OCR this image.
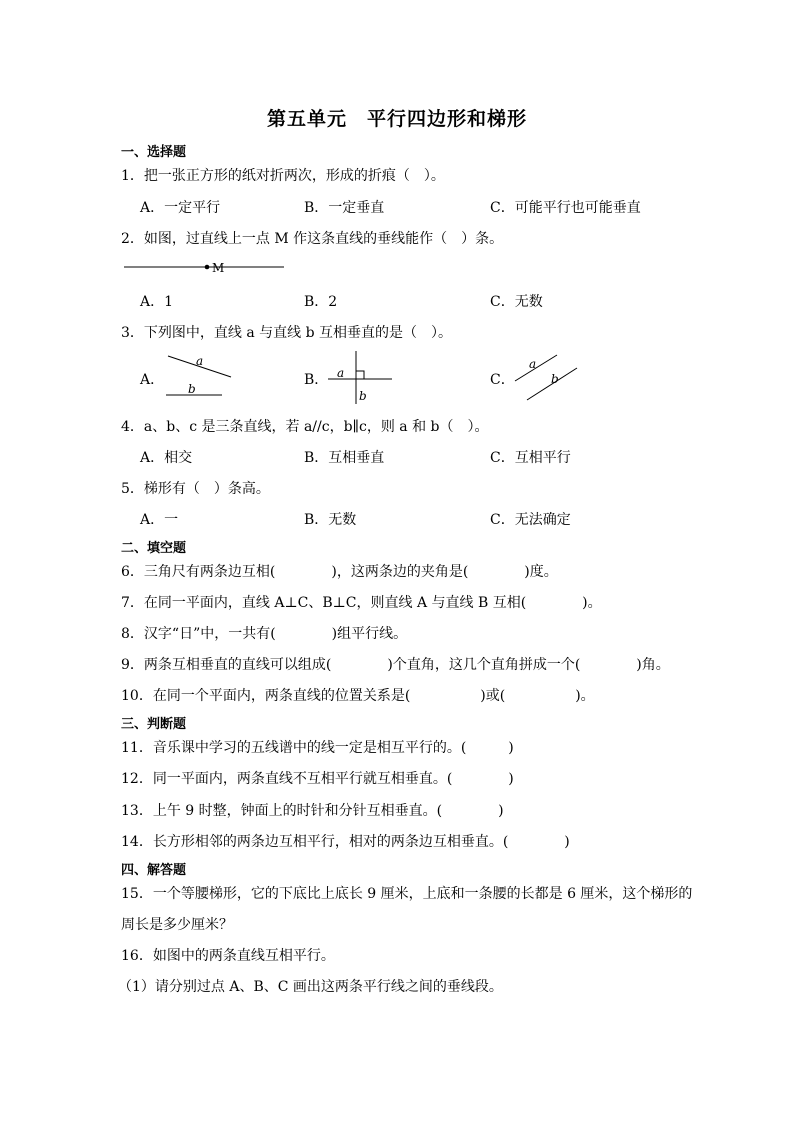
第五单元　平行四边形和梯形
一、选择题
1．把一张正方形的纸对折两次，形成的折痕（　）。
A．一定平行	B．一定垂直	C．可能平行也可能垂直
2．如图，过直线上一点 M 作这条直线的垂线能作（　）条。
M
A．1	B．2	C．无数
3．下列图中，直线 a 与直线 b 互相垂直的是（　）。
A．
a
b
B． a
b
C．
a
b
4．a、b、c 是三条直线，若 a//c，b∥c，则 a 和 b（　）。
A．相交	B．互相垂直	C．互相平行
5．梯形有（　）条高。
A．一	B．无数	C．无法确定
二、填空题
6．三角尺有两条边互相(　　　　)，这两条边的夹角是(　　　　)度。
7．在同一平面内，直线 A⊥C、B⊥C，则直线 A 与直线 B 互相(　　　　)。
8．汉字“日”中，一共有(　　　　)组平行线。
9．两条互相垂直的直线可以组成(　　　　)个直角，这几个直角拼成一个(　　　　)角。
10．在同一个平面内，两条直线的位置关系是(　　　　　)或(　　　　　)。
三、判断题
11．音乐课中学习的五线谱中的线一定是相互平行的。(　　　)
12．同一平面内，两条直线不互相平行就互相垂直。(　　　　)
13．上午 9 时整，钟面上的时针和分针互相垂直。(　　　　)
14．长方形相邻的两条边互相平行，相对的两条边互相垂直。(　　　　)
四、解答题
15．一个等腰梯形，它的下底比上底长 9 厘米，上底和一条腰的长都是 6 厘米，这个梯形的
周长是多少厘米？
16．如图中的两条直线互相平行。
（1）请分别过点 A、B、C 画出这两条平行线之间的垂线段。
